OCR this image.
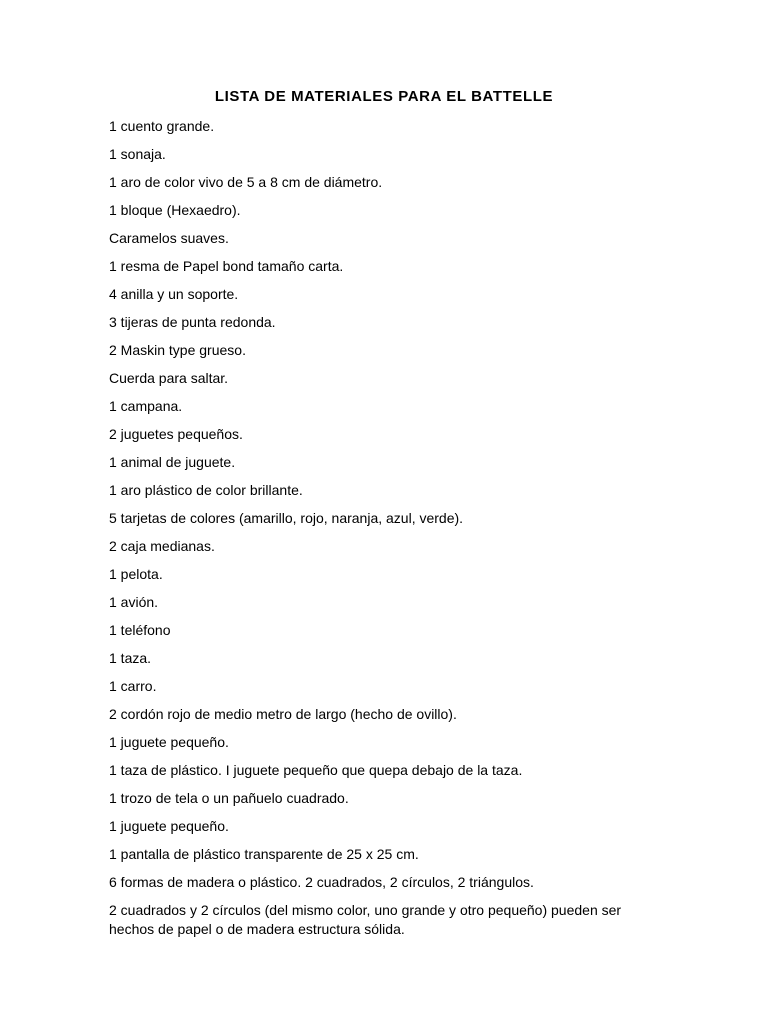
LISTA DE MATERIALES PARA EL BATTELLE
1 cuento grande.
1 sonaja.
1 aro de color vivo de 5 a 8 cm de diámetro.
1 bloque (Hexaedro).
Caramelos suaves.
1 resma de Papel bond tamaño carta.
4 anilla y un soporte.
3 tijeras de punta redonda.
2 Maskin type grueso.
Cuerda para saltar.
1 campana.
2 juguetes pequeños.
1 animal de juguete.
1 aro plástico de color brillante.
5 tarjetas de colores (amarillo, rojo, naranja, azul, verde).
2 caja medianas.
1 pelota.
1 avión.
1 teléfono
1 taza.
1 carro.
2 cordón rojo de medio metro de largo (hecho de ovillo).
1 juguete pequeño.
1 taza de plástico. I juguete pequeño que quepa debajo de la taza.
1 trozo de tela o un pañuelo cuadrado.
1 juguete pequeño.
1 pantalla de plástico transparente de 25 x 25 cm.
6 formas de madera o plástico. 2 cuadrados, 2 círculos, 2 triángulos.
2 cuadrados y 2 círculos (del mismo color, uno grande y otro pequeño) pueden ser hechos de papel o de madera estructura sólida.
